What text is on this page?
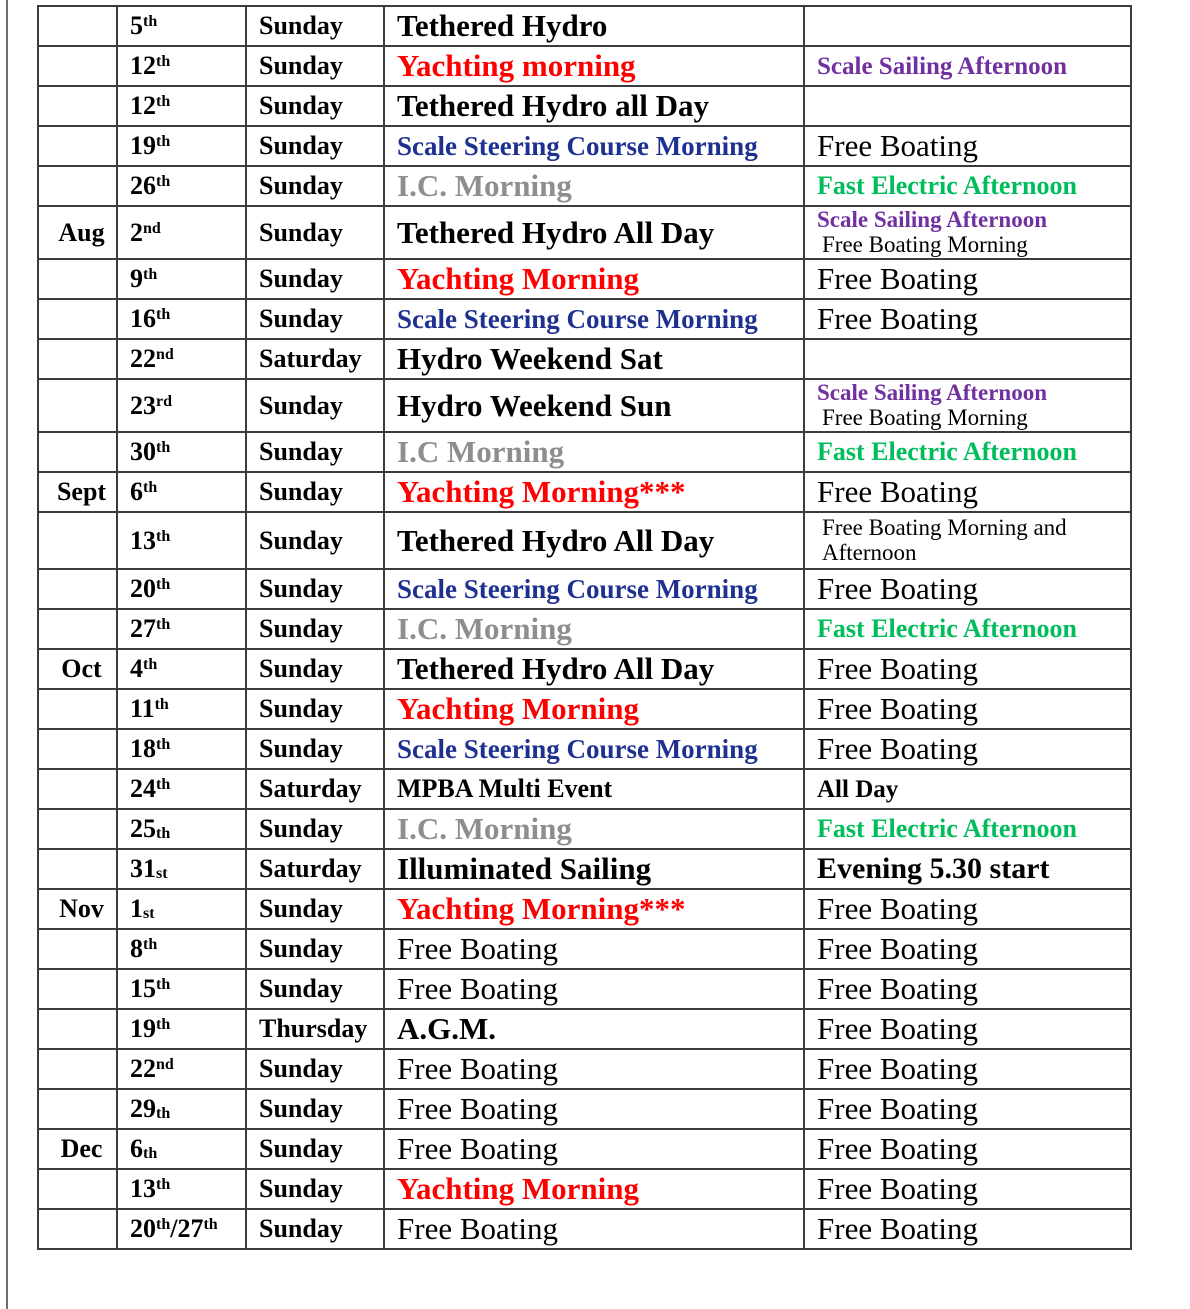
	5th	Sunday	Tethered Hydro	
	12th	Sunday	Yachting morning	Scale Sailing Afternoon

	12th	Sunday	Tethered Hydro all Day	
	19th	Sunday	Scale Steering Course Morning	Free Boating

	26th	Sunday	I.C. Morning	Fast Electric Afternoon

Aug	2nd	Sunday	Tethered Hydro All Day	Scale Sailing Afternoon
Free Boating Morning

	9th	Sunday	Yachting Morning	Free Boating

	16th	Sunday	Scale Steering Course Morning	Free Boating

	22nd	Saturday	Hydro Weekend Sat	
	23rd	Sunday	Hydro Weekend Sun	Scale Sailing Afternoon
Free Boating Morning

	30th	Sunday	I.C Morning	Fast Electric Afternoon

Sept	6th	Sunday	Yachting Morning***	Free Boating

	13th	Sunday	Tethered Hydro All Day	Free Boating Morning and Afternoon

	20th	Sunday	Scale Steering Course Morning	Free Boating

	27th	Sunday	I.C. Morning	Fast Electric Afternoon

Oct	4th	Sunday	Tethered Hydro All Day	Free Boating

	11th	Sunday	Yachting Morning	Free Boating

	18th	Sunday	Scale Steering Course Morning	Free Boating

	24th	Saturday	MPBA Multi Event	All Day

	25th	Sunday	I.C. Morning	Fast Electric Afternoon

	31st	Saturday	Illuminated Sailing	Evening 5.30 start

Nov	1st	Sunday	Yachting Morning***	Free Boating

	8th	Sunday	Free Boating	Free Boating

	15th	Sunday	Free Boating	Free Boating

	19th	Thursday	A.G.M.	Free Boating

	22nd	Sunday	Free Boating	Free Boating

	29th	Sunday	Free Boating	Free Boating

Dec	6th	Sunday	Free Boating	Free Boating

	13th	Sunday	Yachting Morning	Free Boating

	20th/27th	Sunday	Free Boating	Free Boating
